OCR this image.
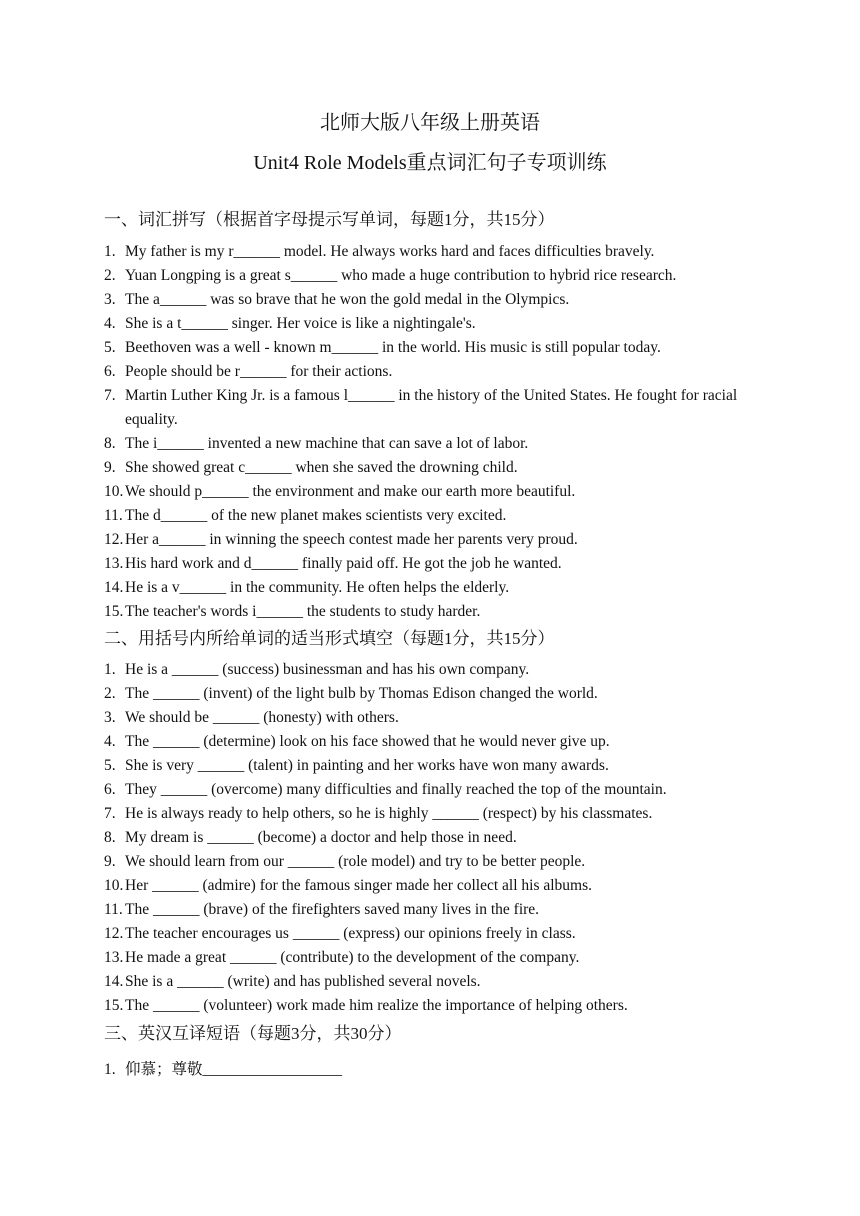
北师大版八年级上册英语
Unit4 Role Models重点词汇句子专项训练
一、词汇拼写（根据首字母提示写单词，每题1分，共15分）
1. My father is my r______ model. He always works hard and faces difficulties bravely.
2. Yuan Longping is a great s______ who made a huge contribution to hybrid rice research.
3. The a______ was so brave that he won the gold medal in the Olympics.
4. She is a t______ singer. Her voice is like a nightingale's.
5. Beethoven was a well - known m______ in the world. His music is still popular today.
6. People should be r______ for their actions.
7. Martin Luther King Jr. is a famous l______ in the history of the United States. He fought for racial equality.
8. The i______ invented a new machine that can save a lot of labor.
9. She showed great c______ when she saved the drowning child.
10. We should p______ the environment and make our earth more beautiful.
11. The d______ of the new planet makes scientists very excited.
12. Her a______ in winning the speech contest made her parents very proud.
13. His hard work and d______ finally paid off. He got the job he wanted.
14. He is a v______ in the community. He often helps the elderly.
15. The teacher's words i______ the students to study harder.
二、用括号内所给单词的适当形式填空（每题1分，共15分）
1. He is a ______ (success) businessman and has his own company.
2. The ______ (invent) of the light bulb by Thomas Edison changed the world.
3. We should be ______ (honesty) with others.
4. The ______ (determine) look on his face showed that he would never give up.
5. She is very ______ (talent) in painting and her works have won many awards.
6. They ______ (overcome) many difficulties and finally reached the top of the mountain.
7. He is always ready to help others, so he is highly ______ (respect) by his classmates.
8. My dream is ______ (become) a doctor and help those in need.
9. We should learn from our ______ (role model) and try to be better people.
10. Her ______ (admire) for the famous singer made her collect all his albums.
11. The ______ (brave) of the firefighters saved many lives in the fire.
12. The teacher encourages us ______ (express) our opinions freely in class.
13. He made a great ______ (contribute) to the development of the company.
14. She is a ______ (write) and has published several novels.
15. The ______ (volunteer) work made him realize the importance of helping others.
三、英汉互译短语（每题3分，共30分）
1. 仰慕；尊敬__________________
